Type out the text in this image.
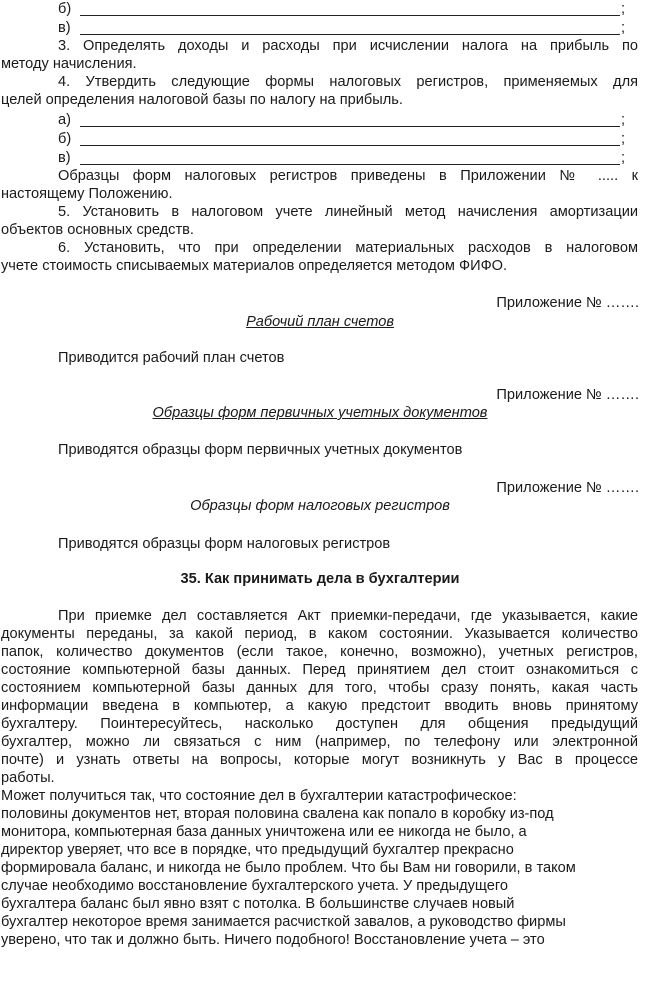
б)	;
в)	;
3. Определять доходы и расходы при исчислении налога на прибыль по
методу начисления.
4. Утвердить следующие формы налоговых регистров, применяемых для
целей определения налоговой базы по налогу на прибыль.
а)	;
б)	;
в)	;
Образцы форм налоговых регистров приведены в Приложении № ..... к
настоящему Положению.
5. Установить в налоговом учете линейный метод начисления амортизации
объектов основных средств.
6. Установить, что при определении материальных расходов в налоговом
учете стоимость списываемых материалов определяется методом ФИФО.
Приложение № …….
Рабочий план счетов
Приводится рабочий план счетов
Приложение № …….
Образцы форм первичных учетных документов
Приводятся образцы форм первичных учетных документов
Приложение № …….
Образцы форм налоговых регистров
Приводятся образцы форм налоговых регистров
35. Как принимать дела в бухгалтерии
При приемке дел составляется Акт приемки-передачи, где указывается, какие
документы переданы, за какой период, в каком состоянии. Указывается количество
папок, количество документов (если такое, конечно, возможно), учетных регистров,
состояние компьютерной базы данных. Перед принятием дел стоит ознакомиться с
состоянием компьютерной базы данных для того, чтобы сразу понять, какая часть
информации введена в компьютер, а какую предстоит вводить вновь принятому
бухгалтеру. Поинтересуйтесь, насколько доступен для общения предыдущий
бухгалтер, можно ли связаться с ним (например, по телефону или электронной
почте) и узнать ответы на вопросы, которые могут возникнуть у Вас в процессе
работы.
Может получиться так, что состояние дел в бухгалтерии катастрофическое:
половины документов нет, вторая половина свалена как попало в коробку из-под
монитора, компьютерная база данных уничтожена или ее никогда не было, а
директор уверяет, что все в порядке, что предыдущий бухгалтер прекрасно
формировала баланс, и никогда не было проблем. Что бы Вам ни говорили, в таком
случае необходимо восстановление бухгалтерского учета. У предыдущего
бухгалтера баланс был явно взят с потолка. В большинстве случаев новый
бухгалтер некоторое время занимается расчисткой завалов, а руководство фирмы
уверено, что так и должно быть. Ничего подобного! Восстановление учета – это
